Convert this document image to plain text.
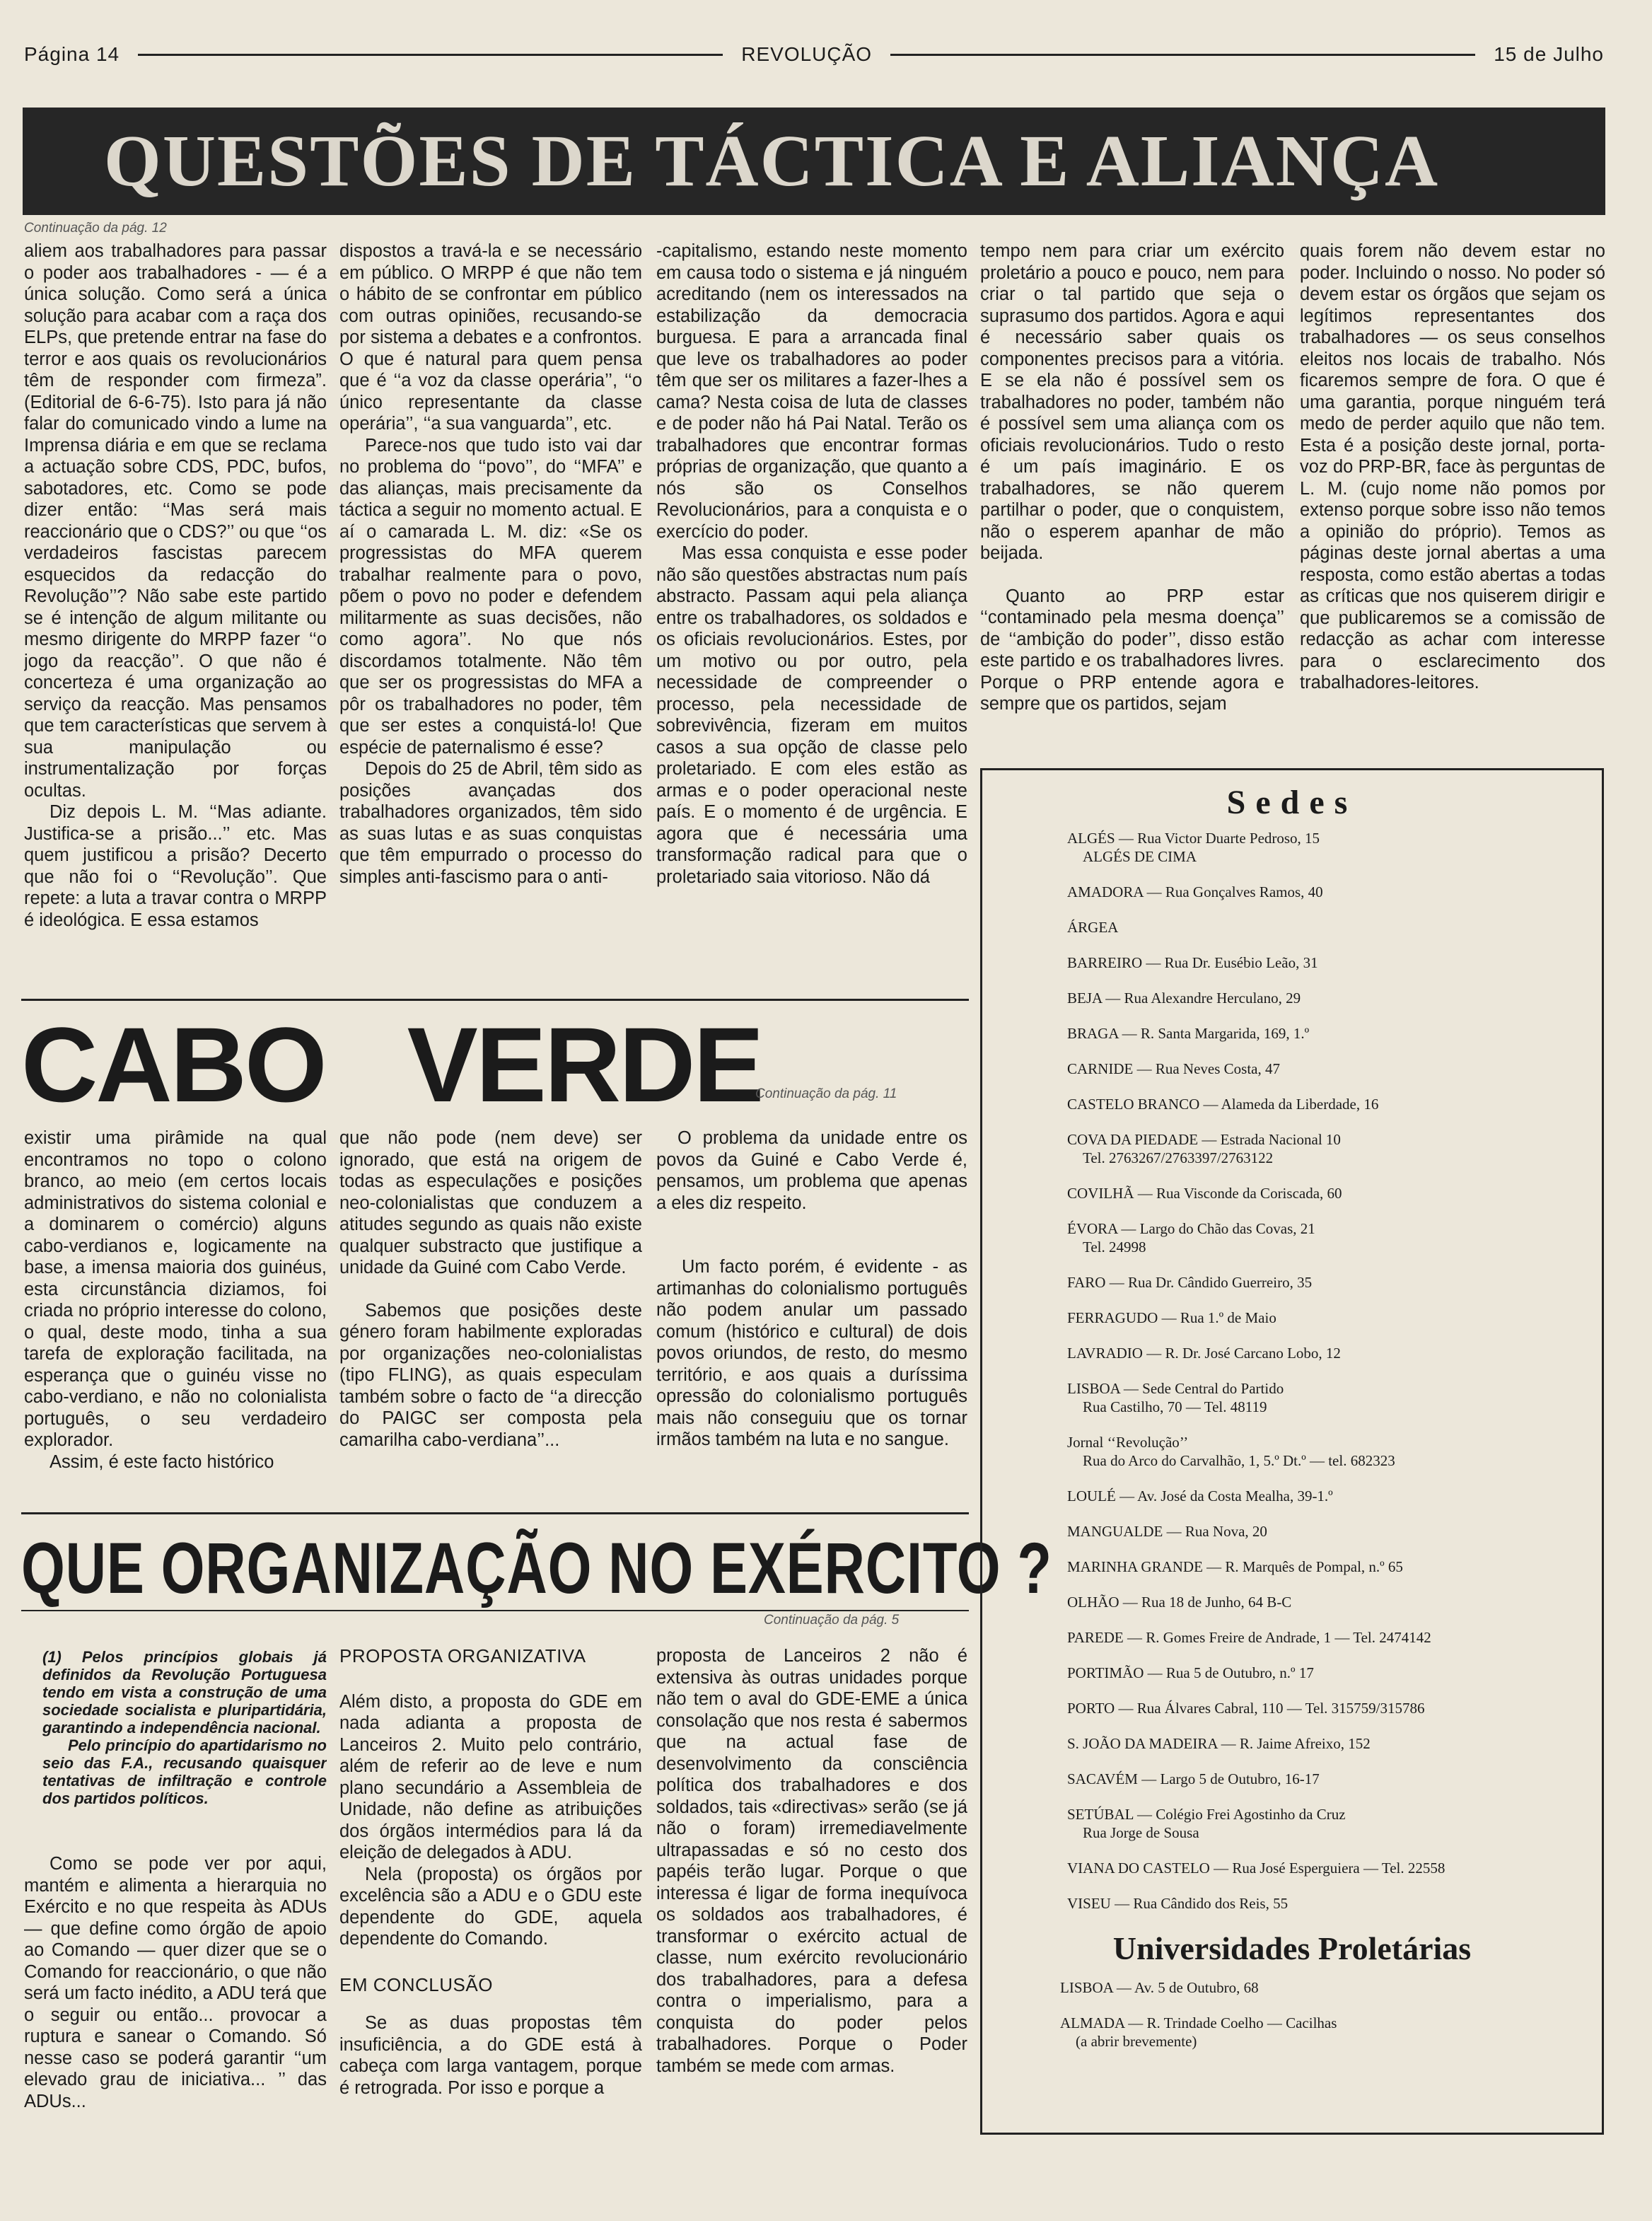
Página 14	REVOLUÇÃO	15 de Julho
QUESTÕES DE TÁCTICA E ALIANÇA
Continuação da pág. 12

aliem aos trabalhadores para passar o poder aos trabalhadores - — é a única solução. Como será a única solução para acabar com a raça dos ELPs, que pretende entrar na fase do terror e aos quais os revolucionários têm de responder com firmeza”. (Editorial de 6-6-75). Isto para já não falar do comunicado vindo a lume na Imprensa diária e em que se reclama a actuação sobre CDS, PDC, bufos, sabotadores, etc. Como se pode dizer então: ‘‘Mas será mais reaccionário que o CDS?’’ ou que ‘‘os verdadeiros fascistas parecem esquecidos da redacção do Revolução’’? Não sabe este partido se é intenção de algum militante ou mesmo dirigente do MRPP fazer ‘‘o jogo da reacção’’. O que não é concerteza é uma organização ao serviço da reacção. Mas pensamos que tem características que servem à sua manipulação ou instrumentalização por forças ocultas.

Diz depois L. M. ‘‘Mas adiante. Justifica-se a prisão...’’ etc. Mas quem justificou a prisão? Decerto que não foi o ‘‘Revolução’’. Que repete: a luta a travar contra o MRPP é ideológica. E essa estamos

dispostos a travá-la e se necessário em público. O MRPP é que não tem o hábito de se confrontar em público com outras opiniões, recusando-se por sistema a debates e a confrontos. O que é natural para quem pensa que é ‘‘a voz da classe operária’’, ‘‘o único representante da classe operária’’, ‘‘a sua vanguarda’’, etc.

Parece-nos que tudo isto vai dar no problema do ‘‘povo’’, do ‘‘MFA’’ e das alianças, mais precisamente da táctica a seguir no momento actual. E aí o camarada L. M. diz: «Se os progressistas do MFA querem trabalhar realmente para o povo, põem o povo no poder e defendem militarmente as suas decisões, não como agora’’. No que nós discordamos totalmente. Não têm que ser os progressistas do MFA a pôr os trabalhadores no poder, têm que ser estes a conquistá-lo! Que espécie de paternalismo é esse?

Depois do 25 de Abril, têm sido as posições avançadas dos trabalhadores organizados, têm sido as suas lutas e as suas conquistas que têm empurrado o processo do simples anti-fascismo para o anti-

-capitalismo, estando neste momento em causa todo o sistema e já ninguém acreditando (nem os interessados na estabilização da democracia burguesa. E para a arrancada final que leve os trabalhadores ao poder têm que ser os militares a fazer-lhes a cama? Nesta coisa de luta de classes e de poder não há Pai Natal. Terão os trabalhadores que encontrar formas próprias de organização, que quanto a nós são os Conselhos Revolucionários, para a conquista e o exercício do poder.

Mas essa conquista e esse poder não são questões abstractas num país abstracto. Passam aqui pela aliança entre os trabalhadores, os soldados e os oficiais revolucionários. Estes, por um motivo ou por outro, pela necessidade de compreender o processo, pela necessidade de sobrevivência, fizeram em muitos casos a sua opção de classe pelo proletariado. E com eles estão as armas e o poder operacional neste país. E o momento é de urgência. E agora que é necessária uma transformação radical para que o proletariado saia vitorioso. Não dá

tempo nem para criar um exército proletário a pouco e pouco, nem para criar o tal partido que seja o suprasumo dos partidos. Agora e aqui é necessário saber quais os componentes precisos para a vitória. E se ela não é possível sem os trabalhadores no poder, também não é possível sem uma aliança com os oficiais revolucionários. Tudo o resto é um país imaginário. E os trabalhadores, se não querem partilhar o poder, que o conquistem, não o esperem apanhar de mão beijada.

Quanto ao PRP estar ‘‘contaminado pela mesma doença’’ de ‘‘ambição do poder’’, disso estão este partido e os trabalhadores livres. Porque o PRP entende agora e sempre que os partidos, sejam

quais forem não devem estar no poder. Incluindo o nosso. No poder só devem estar os órgãos que sejam os legítimos representantes dos trabalhadores — os seus conselhos eleitos nos locais de trabalho. Nós ficaremos sempre de fora. O que é uma garantia, porque ninguém terá medo de perder aquilo que não tem. Esta é a posição deste jornal, porta-voz do PRP-BR, face às perguntas de L. M. (cujo nome não pomos por extenso porque sobre isso não temos a opinião do próprio). Temos as páginas deste jornal abertas a uma resposta, como estão abertas a todas as críticas que nos quiserem dirigir e que publicaremos se a comissão de redacção as achar com interesse para o esclarecimento dos trabalhadores-leitores.

CABO   VERDE
Continuação da pág. 11

existir uma pirâmide na qual encontramos no topo o colono branco, ao meio (em certos locais administrativos do sistema colonial e a dominarem o comércio) alguns cabo-verdianos e, logicamente na base, a imensa maioria dos guinéus, esta circunstância diziamos, foi criada no próprio interesse do colono, o qual, deste modo, tinha a sua tarefa de exploração facilitada, na esperança que o guinéu visse no cabo-verdiano, e não no colonialista português, o seu verdadeiro explorador.

Assim, é este facto histórico

que não pode (nem deve) ser ignorado, que está na origem de todas as especulações e posições neo-colonialistas que conduzem a atitudes segundo as quais não existe qualquer substracto que justifique a unidade da Guiné com Cabo Verde.

Sabemos que posições deste género foram habilmente exploradas por organizações neo-colonialistas (tipo FLING), as quais especulam também sobre o facto de ‘‘a direcção do PAIGC ser composta pela camarilha cabo-verdiana’’...

O problema da unidade entre os povos da Guiné e Cabo Verde é, pensamos, um problema que apenas a eles diz respeito.

Um facto porém, é evidente - as artimanhas do colonialismo português não podem anular um passado comum (histórico e cultural) de dois povos oriundos, de resto, do mesmo território, e aos quais a duríssima opressão do colonialismo português mais não conseguiu que os tornar irmãos também na luta e no sangue.

QUE ORGANIZAÇÃO NO EXÉRCITO ?
Continuação da pág. 5

(1) Pelos princípios globais já definidos da Revolução Portuguesa tendo em vista a construção de uma sociedade socialista e pluripartidária, garantindo a independência nacional.

Pelo princípio do apartidarismo no seio das F.A., recusando quaisquer tentativas de infiltração e controle dos partidos políticos.

Como se pode ver por aqui, mantém e alimenta a hierarquia no Exército e no que respeita às ADUs — que define como órgão de apoio ao Comando — quer dizer que se o Comando for reaccionário, o que não será um facto inédito, a ADU terá que o seguir ou então... provocar a ruptura e sanear o Comando. Só nesse caso se poderá garantir ‘‘um elevado grau de iniciativa... ’’ das ADUs...

PROPOSTA ORGANIZATIVA

Além disto, a proposta do GDE em nada adianta a proposta de Lanceiros 2. Muito pelo contrário, além de referir ao de leve e num plano secundário a Assembleia de Unidade, não define as atribuições dos órgãos intermédios para lá da eleição de delegados à ADU.

Nela (proposta) os órgãos por excelência são a ADU e o GDU este dependente do GDE, aquela dependente do Comando.

EM CONCLUSÃO

Se as duas propostas têm insuficiência, a do GDE está à cabeça com larga vantagem, porque é retrograda. Por isso e porque a

proposta de Lanceiros 2 não é extensiva às outras unidades porque não tem o aval do GDE-EME a única consolação que nos resta é sabermos que na actual fase de desenvolvimento da consciência política dos trabalhadores e dos soldados, tais «directivas» serão (se já não o foram) irremediavelmente ultrapassadas e só no cesto dos papéis terão lugar. Porque o que interessa é ligar de forma inequívoca os soldados aos trabalhadores, é transformar o exército actual de classe, num exército revolucionário dos trabalhadores, para a defesa contra o imperialismo, para a conquista do poder pelos trabalhadores. Porque o Poder também se mede com armas.

Sedes
ALGÉS — Rua Victor Duarte Pedroso, 15
ALGÉS DE CIMA
AMADORA — Rua Gonçalves Ramos, 40
ÁRGEA
BARREIRO — Rua Dr. Eusébio Leão, 31
BEJA — Rua Alexandre Herculano, 29
BRAGA — R. Santa Margarida, 169, 1.º
CARNIDE — Rua Neves Costa, 47
CASTELO BRANCO — Alameda da Liberdade, 16
COVA DA PIEDADE — Estrada Nacional 10
Tel. 2763267/2763397/2763122
COVILHÃ — Rua Visconde da Coriscada, 60
ÉVORA — Largo do Chão das Covas, 21
Tel. 24998
FARO — Rua Dr. Cândido Guerreiro, 35
FERRAGUDO — Rua 1.º de Maio
LAVRADIO — R. Dr. José Carcano Lobo, 12
LISBOA — Sede Central do Partido
Rua Castilho, 70 — Tel. 48119
Jornal ‘‘Revolução’’
Rua do Arco do Carvalhão, 1, 5.º Dt.º — tel. 682323
LOULÉ — Av. José da Costa Mealha, 39-1.º
MANGUALDE — Rua Nova, 20
MARINHA GRANDE — R. Marquês de Pompal, n.º 65
OLHÃO — Rua 18 de Junho, 64 B-C
PAREDE — R. Gomes Freire de Andrade, 1 — Tel. 2474142
PORTIMÃO — Rua 5 de Outubro, n.º 17
PORTO — Rua Álvares Cabral, 110 — Tel. 315759/315786
S. JOÃO DA MADEIRA — R. Jaime Afreixo, 152
SACAVÉM — Largo 5 de Outubro, 16-17
SETÚBAL — Colégio Frei Agostinho da Cruz
Rua Jorge de Sousa
VIANA DO CASTELO — Rua José Esperguiera — Tel. 22558
VISEU — Rua Cândido dos Reis, 55
Universidades Proletárias
LISBOA — Av. 5 de Outubro, 68
ALMADA — R. Trindade Coelho — Cacilhas
(a abrir brevemente)
